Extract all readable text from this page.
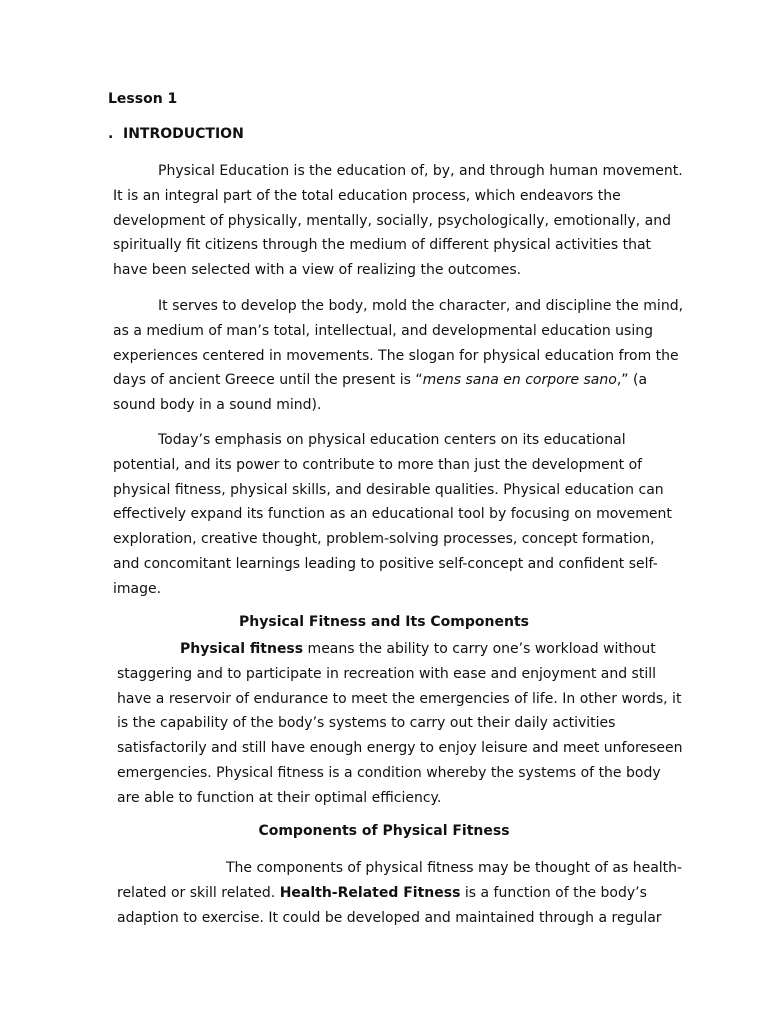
Lesson 1
. INTRODUCTION
Physical Education is the education of, by, and through human movement.
It is an integral part of the total education process, which endeavors the
development of physically, mentally, socially, psychologically, emotionally, and
spiritually fit citizens through the medium of different physical activities that
have been selected with a view of realizing the outcomes.
It serves to develop the body, mold the character, and discipline the mind,
as a medium of man’s total, intellectual, and developmental education using
experiences centered in movements. The slogan for physical education from the
days of ancient Greece until the present is “mens sana en corpore sano,” (a
sound body in a sound mind).
Today’s emphasis on physical education centers on its educational
potential, and its power to contribute to more than just the development of
physical fitness, physical skills, and desirable qualities. Physical education can
effectively expand its function as an educational tool by focusing on movement
exploration, creative thought, problem-solving processes, concept formation,
and concomitant learnings leading to positive self-concept and confident self-
image.
Physical Fitness and Its Components
Physical fitness means the ability to carry one’s workload without
staggering and to participate in recreation with ease and enjoyment and still
have a reservoir of endurance to meet the emergencies of life. In other words, it
is the capability of the body’s systems to carry out their daily activities
satisfactorily and still have enough energy to enjoy leisure and meet unforeseen
emergencies. Physical fitness is a condition whereby the systems of the body
are able to function at their optimal efficiency.
Components of Physical Fitness
The components of physical fitness may be thought of as health-
related or skill related. Health-Related Fitness is a function of the body’s
adaption to exercise. It could be developed and maintained through a regular
